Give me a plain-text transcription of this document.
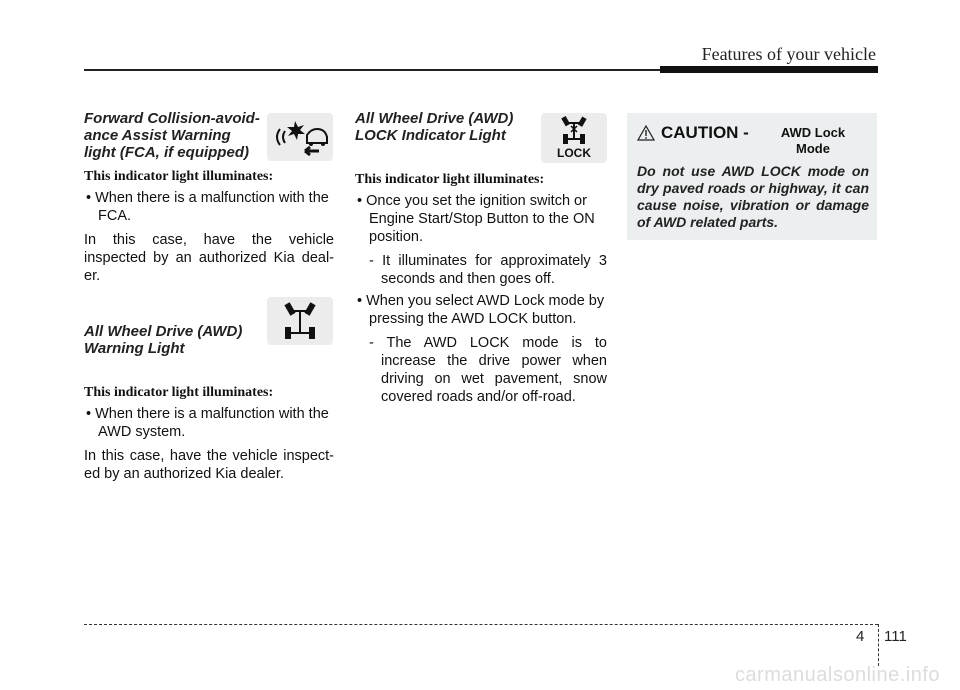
Features of your vehicle
Forward Collision-avoid-ance Assist Warning light (FCA, if equipped)
This indicator light illuminates:
• When there is a malfunction with the FCA.
In this case, have the vehicle inspected by an authorized Kia deal-er.
All Wheel Drive (AWD) Warning Light
This indicator light illuminates:
• When there is a malfunction with the AWD system.
In this case, have the vehicle inspect-ed by an authorized Kia dealer.
All Wheel Drive (AWD) LOCK Indicator Light
This indicator light illuminates:
• Once you set the ignition switch or Engine Start/Stop Button to the ON position.
- It illuminates for approximately 3 seconds and then goes off.
• When you select AWD Lock mode by pressing the AWD LOCK button.
- The AWD LOCK mode is to increase the drive power when driving on wet pavement, snow covered roads and/or off-road.
LOCK
CAUTION -	AWD Lock Mode
Do not use AWD LOCK mode on dry paved roads or highway, it can cause noise, vibration or damage of AWD related parts.
4 111
carmanualsonline.info
